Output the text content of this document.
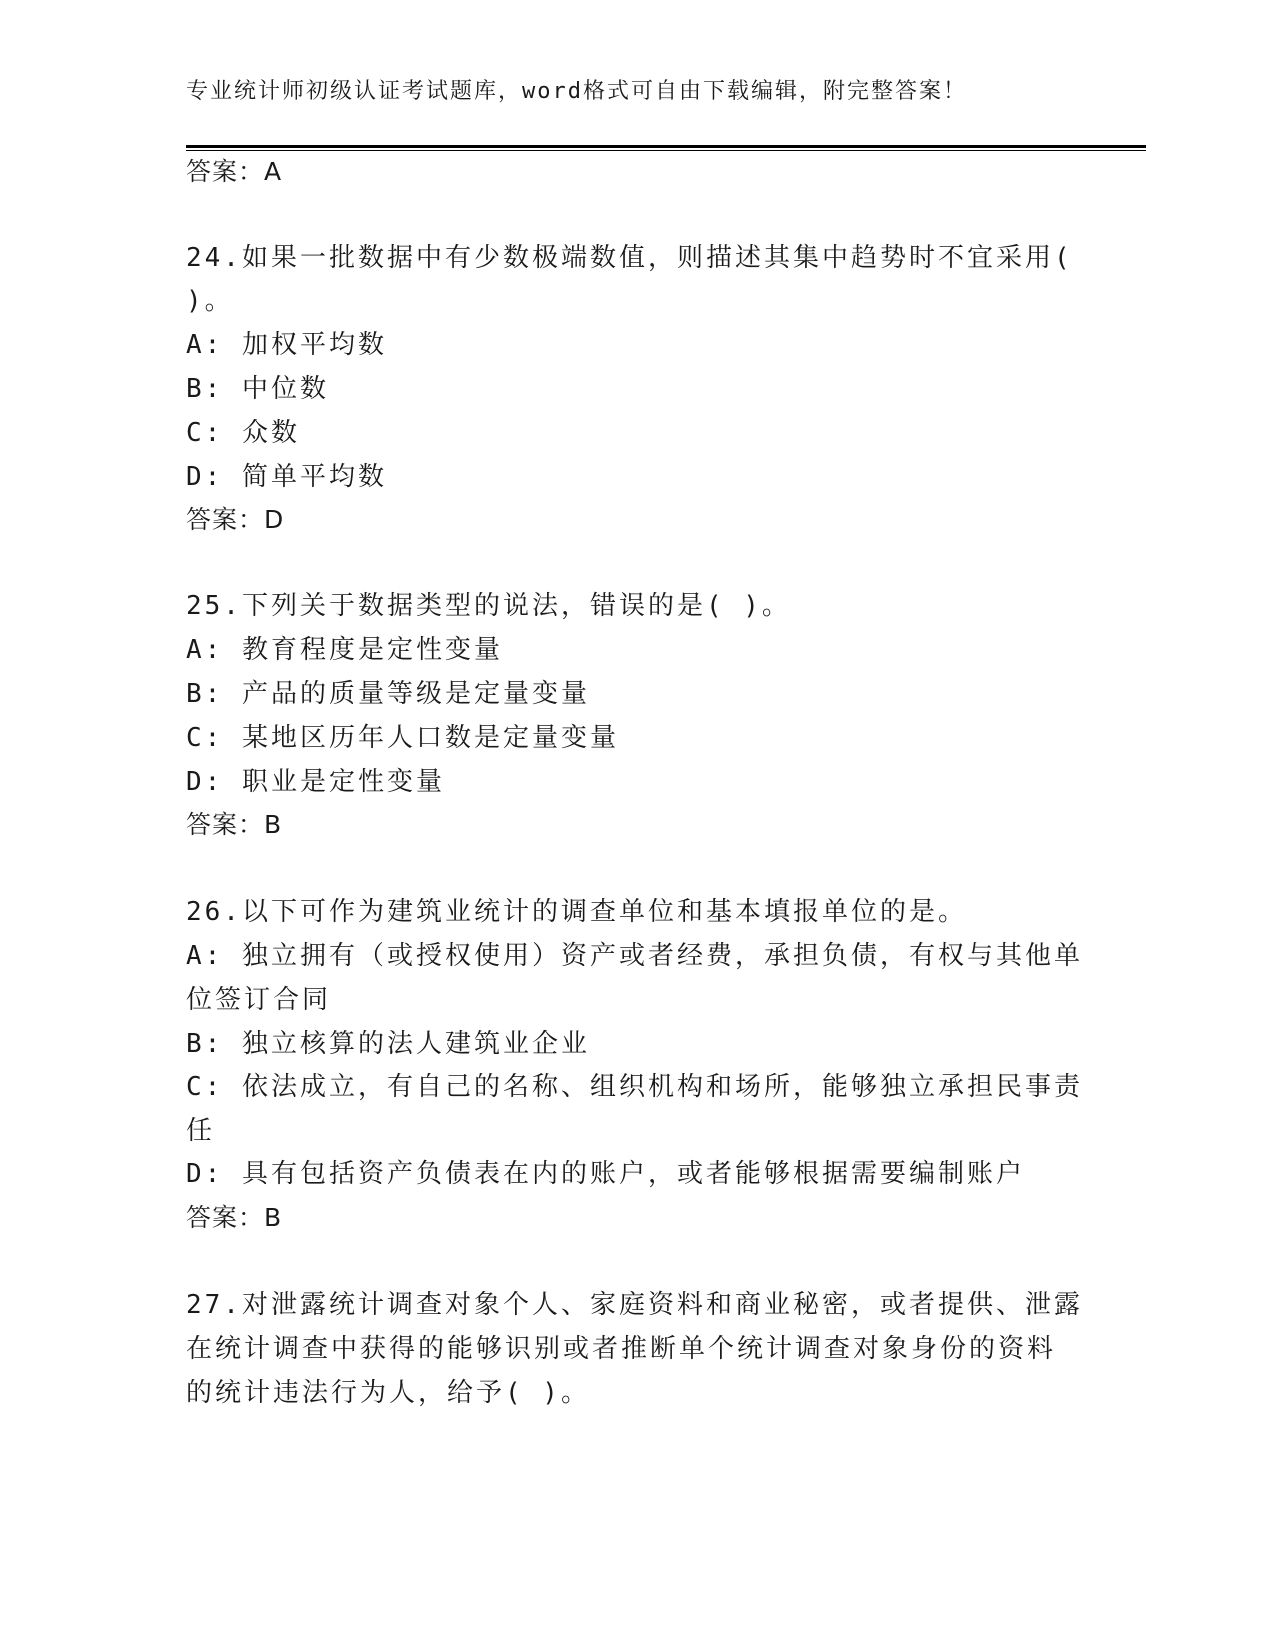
专业统计师初级认证考试题库，word格式可自由下载编辑，附完整答案！
答案：A
24.如果一批数据中有少数极端数值，则描述其集中趋势时不宜采用(
)。
A: 加权平均数
B: 中位数
C: 众数
D: 简单平均数
答案：D
25.下列关于数据类型的说法，错误的是( )。
A: 教育程度是定性变量
B: 产品的质量等级是定量变量
C: 某地区历年人口数是定量变量
D: 职业是定性变量
答案：B
26.以下可作为建筑业统计的调查单位和基本填报单位的是。
A: 独立拥有（或授权使用）资产或者经费，承担负债，有权与其他单
位签订合同
B: 独立核算的法人建筑业企业
C: 依法成立，有自己的名称、组织机构和场所，能够独立承担民事责
任
D: 具有包括资产负债表在内的账户，或者能够根据需要编制账户
答案：B
27.对泄露统计调查对象个人、家庭资料和商业秘密，或者提供、泄露
在统计调查中获得的能够识别或者推断单个统计调查对象身份的资料
的统计违法行为人，给予( )。
